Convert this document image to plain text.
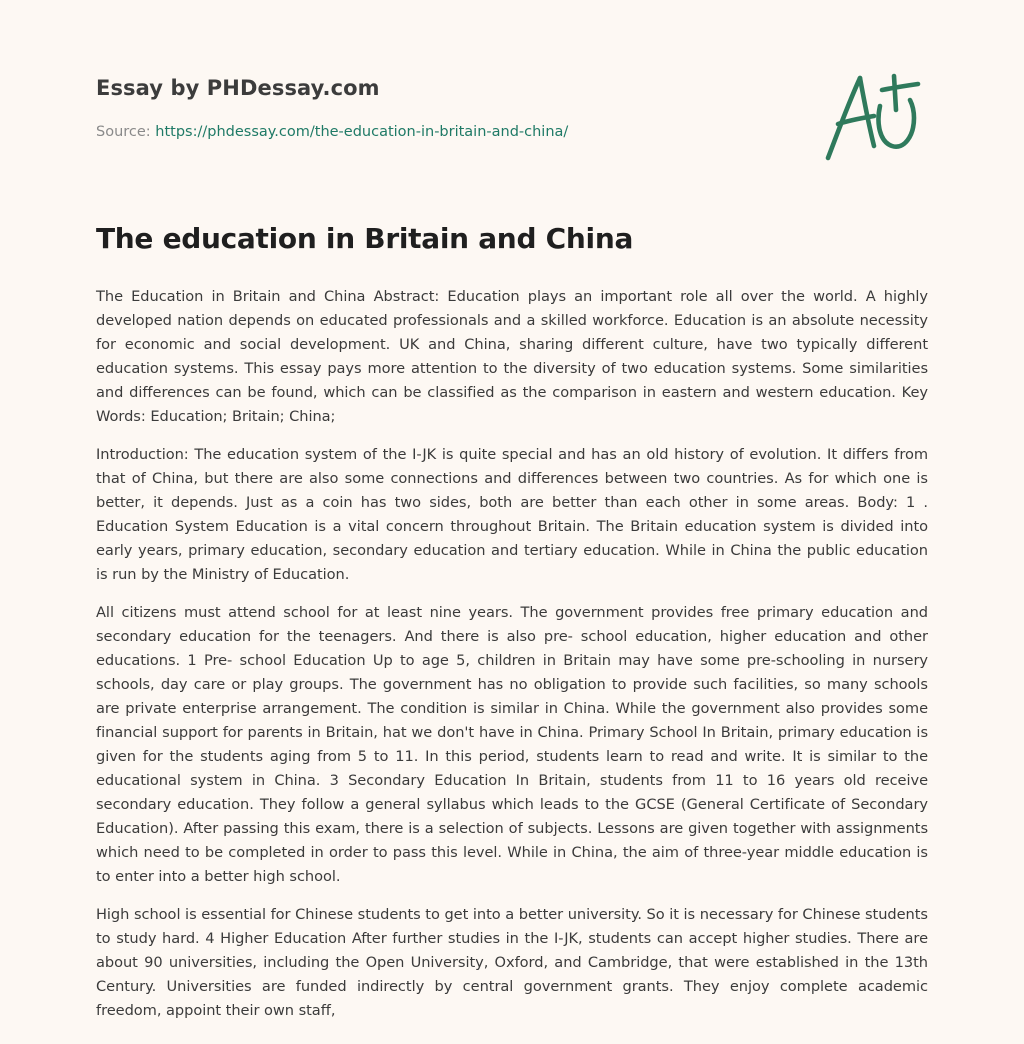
Essay by PHDessay.com
Source: https://phdessay.com/the-education-in-britain-and-china/
The education in Britain and China

The Education in Britain and China Abstract: Education plays an important role all over the world. A highly developed nation depends on educated professionals and a skilled workforce. Education is an absolute necessity for economic and social development. UK and China, sharing different culture, have two typically different education systems. This essay pays more attention to the diversity of two education systems. Some similarities and differences can be found, which can be classified as the comparison in eastern and western education. Key Words: Education; Britain; China;

Introduction: The education system of the I-JK is quite special and has an old history of evolution. It differs from that of China, but there are also some connections and differences between two countries. As for which one is better, it depends. Just as a coin has two sides, both are better than each other in some areas. Body: 1 . Education System Education is a vital concern throughout Britain. The Britain education system is divided into early years, primary education, secondary education and tertiary education. While in China the public education is run by the Ministry of Education.

All citizens must attend school for at least nine years. The government provides free primary education and secondary education for the teenagers. And there is also pre- school education, higher education and other educations. 1 Pre- school Education Up to age 5, children in Britain may have some pre-schooling in nursery schools, day care or play groups. The government has no obligation to provide such facilities, so many schools are private enterprise arrangement. The condition is similar in China. While the government also provides some financial support for parents in Britain, hat we don't have in China. Primary School In Britain, primary education is given for the students aging from 5 to 11. In this period, students learn to read and write. It is similar to the educational system in China. 3 Secondary Education In Britain, students from 11 to 16 years old receive secondary education. They follow a general syllabus which leads to the GCSE (General Certificate of Secondary Education). After passing this exam, there is a selection of subjects. Lessons are given together with assignments which need to be completed in order to pass this level. While in China, the aim of three-year middle education is to enter into a better high school.

High school is essential for Chinese students to get into a better university. So it is necessary for Chinese students to study hard. 4 Higher Education After further studies in the I-JK, students can accept higher studies. There are about 90 universities, including the Open University, Oxford, and Cambridge, that were established in the 13th Century. Universities are funded indirectly by central government grants. They enjoy complete academic freedom, appoint their own staff,
